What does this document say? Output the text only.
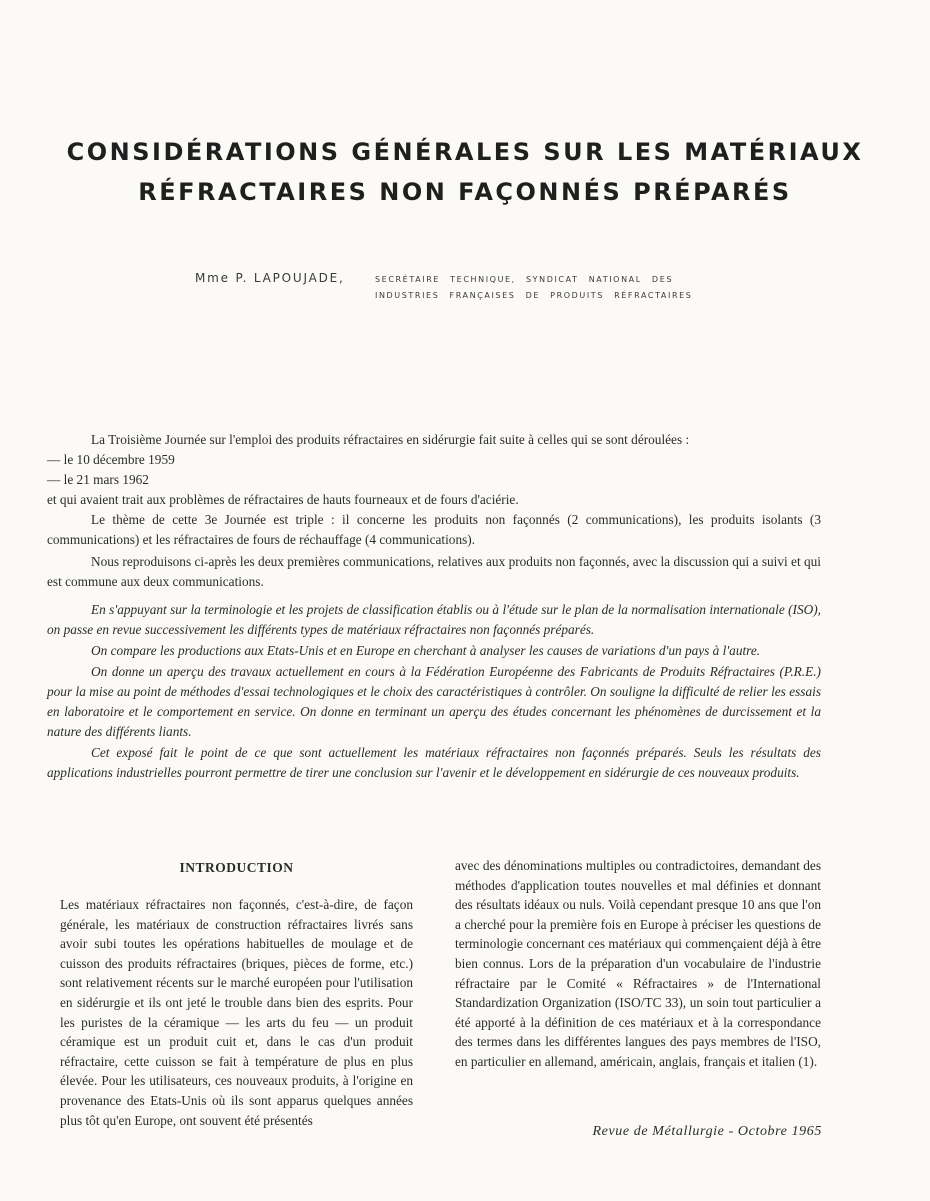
CONSIDÉRATIONS GÉNÉRALES SUR LES MATÉRIAUX
RÉFRACTAIRES NON FAÇONNÉS PRÉPARÉS
Mme P. LAPOUJADE,	SECRÉTAIRE TECHNIQUE, SYNDICAT NATIONAL DES INDUSTRIES FRANÇAISES DE PRODUITS RÉFRACTAIRES

La Troisième Journée sur l'emploi des produits réfractaires en sidérurgie fait suite à celles qui se sont déroulées :

— le 10 décembre 1959

— le 21 mars 1962

et qui avaient trait aux problèmes de réfractaires de hauts fourneaux et de fours d'aciérie.

Le thème de cette 3e Journée est triple : il concerne les produits non façonnés (2 communications), les produits isolants (3 communications) et les réfractaires de fours de réchauffage (4 communications).

Nous reproduisons ci-après les deux premières communications, relatives aux produits non façonnés, avec la discussion qui a suivi et qui est commune aux deux communications.

En s'appuyant sur la terminologie et les projets de classification établis ou à l'étude sur le plan de la normalisation internationale (ISO), on passe en revue successivement les différents types de matériaux réfractaires non façonnés préparés.

On compare les productions aux Etats-Unis et en Europe en cherchant à analyser les causes de variations d'un pays à l'autre.

On donne un aperçu des travaux actuellement en cours à la Fédération Européenne des Fabricants de Produits Réfractaires (P.R.E.) pour la mise au point de méthodes d'essai technologiques et le choix des caractéristiques à contrôler. On souligne la difficulté de relier les essais en laboratoire et le comportement en service. On donne en terminant un aperçu des études concernant les phénomènes de durcissement et la nature des différents liants.

Cet exposé fait le point de ce que sont actuellement les matériaux réfractaires non façonnés préparés. Seuls les résultats des applications industrielles pourront permettre de tirer une conclusion sur l'avenir et le développement en sidérurgie de ces nouveaux produits.

INTRODUCTION

Les matériaux réfractaires non façonnés, c'est-à-dire, de façon générale, les matériaux de construction réfractaires livrés sans avoir subi toutes les opérations habituelles de moulage et de cuisson des produits réfractaires (briques, pièces de forme, etc.) sont relativement récents sur le marché européen pour l'utilisation en sidérurgie et ils ont jeté le trouble dans bien des esprits. Pour les puristes de la céramique — les arts du feu — un produit céramique est un produit cuit et, dans le cas d'un produit réfractaire, cette cuisson se fait à température de plus en plus élevée. Pour les utilisateurs, ces nouveaux produits, à l'origine en provenance des Etats-Unis où ils sont apparus quelques années plus tôt qu'en Europe, ont souvent été présentés

avec des dénominations multiples ou contradictoires, demandant des méthodes d'application toutes nouvelles et mal définies et donnant des résultats idéaux ou nuls. Voilà cependant presque 10 ans que l'on a cherché pour la première fois en Europe à préciser les questions de terminologie concernant ces matériaux qui commençaient déjà à être bien connus. Lors de la préparation d'un vocabulaire de l'industrie réfractaire par le Comité « Réfractaires » de l'International Standardization Organization (ISO/TC 33), un soin tout particulier a été apporté à la définition de ces matériaux et à la correspondance des termes dans les différentes langues des pays membres de l'ISO, en particulier en allemand, américain, anglais, français et italien (1).

Revue de Métallurgie - Octobre 1965
